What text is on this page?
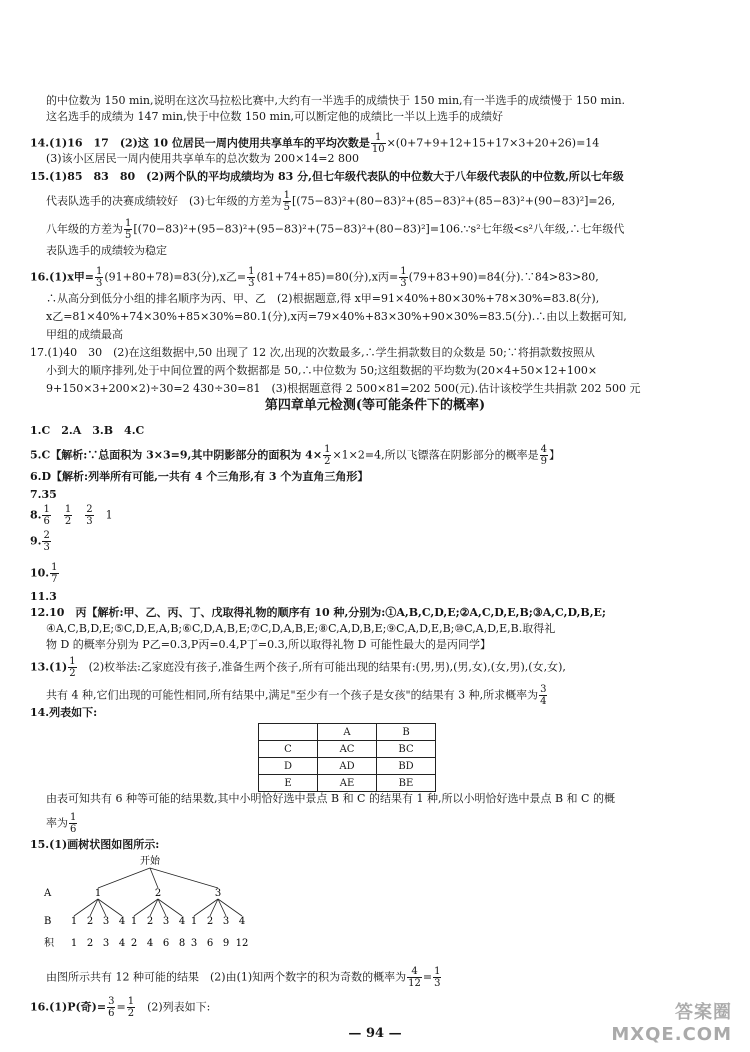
的中位数为 150 min,说明在这次马拉松比赛中,大约有一半选手的成绩快于 150 min,有一半选手的成绩慢于 150 min.
这名选手的成绩为 147 min,快于中位数 150 min,可以断定他的成绩比一半以上选手的成绩好
14.(1)16　17　(2)这 10 位居民一周内使用共享单车的平均次数是 $\frac{1}{10} \times(0+7+9+12+15+17\times 3+20+26)=14$
(3)该小区居民一周内使用共享单车的总次数为 200×14=2 800
15.(1)85　83　80　(2)两个队的平均成绩均为 83 分,但七年级代表队的中位数大于八年级代表队的中位数,所以七年级
代表队选手的决赛成绩较好　 (3)七年级的方差为 $\frac{1}{5} [(75-83)^2+(80-83)^2+(85-83)^2+(85-83)^2+(90-83)^2]=26$,
八年级的方差为 $\frac{1}{5}$ [(70−83)²+(95−83)²+(95−83)²+(75−83)²+(80−83)²]=106.∵s²七年级<s²八年级,∴七年级代
表队选手的成绩较为稳定
16.(1)x甲= $\frac{1}{3} (91+80+78)=83$(分),x乙= $\frac{1}{3} (81+74+85)=80$(分),x丙= $\frac{1}{3} (79+83+90)=84$(分).∵84>83>80,
∴从高分到低分小组的排名顺序为丙、甲、乙　(2)根据题意,得 x甲=91×40%+80×30%+78×30%=83.8(分),
x乙=81×40%+74×30%+85×30%=80.1(分),x丙=79×40%+83×30%+90×30%=83.5(分).∴由以上数据可知,
甲组的成绩最高
17.(1)40　30　(2)在这组数据中,50 出现了 12 次,出现的次数最多,∴学生捐款数目的众数是 50;∵将捐款数按照从
小到大的顺序排列,处于中间位置的两个数据都是 50,∴中位数为 50;这组数据的平均数为(20×4+50×12+100×
9+150×3+200×2)÷30=2 430÷30=81　(3)根据题意得 2 500×81=202 500(元).估计该校学生共捐款 202 500 元
第四章单元检测(等可能条件下的概率)
1.C　2.A　3.B　4.C
5.C【解析:∵总面积为 3×3=9,其中阴影部分的面积为 $4\times \frac{1}{2} \times 1\times 2=4$,所以飞镖落在阴影部分的概率是 $\frac{4}{9}$ 】
6.D【解析:列举所有可能,一共有 4 个三角形,有 3 个为直角三角形】
7.35
8. $\frac{1}{6}$
　 $\frac{1}{2}$
　 $\frac{2}{3}$
　 1
9. $\frac{2}{3}$
10. $\frac{1}{7}$
11.3
12.10　丙【解析:甲、乙、丙、丁、戊取得礼物的顺序有 10 种,分别为:①A,B,C,D,E;②A,C,D,E,B;③A,C,D,B,E;
④A,C,B,D,E;⑤C,D,E,A,B;⑥C,D,A,B,E;⑦C,D,A,B,E;⑧C,A,D,B,E;⑨C,A,D,E,B;⑩C,A,D,E,B.取得礼
物 D 的概率分别为 P乙=0.3,P丙=0.4,P丁=0.3,所以取得礼物 D 可能性最大的是丙同学】
$13.(1) \frac{1}{2}$ 　(2)枚举法:乙家庭没有孩子,准备生两个孩子,所有可能出现的结果有:(男,男),(男,女),(女,男),(女,女),
共有 4 种,它们出现的可能性相同,所有结果中,满足"至少有一个孩子是女孩"的结果有 3 种,所求概率为 $\frac{3}{4}$
14.列表如下:
	A	B
C	AC	BC
D	AD	BD
E	AE	BE
由表可知共有 6 种等可能的结果数,其中小明恰好选中景点 B 和 C 的结果有 1 种,所以小明恰好选中景点 B 和 C 的概
率为 $\frac{1}{6}$
15.(1)画树状图如图所示:
开始
A
B
积
1
1
1
2
2
3
3
4
4
2
1
2
2
4
3
6
4
8
3
1
3
2
6
3
9
4
12
由图所示共有 12 种可能的结果　(2)由(1)知两个数字的积为奇数的概率为 $\frac{4}{12} = \frac{1}{3}$
16.(1)P(奇)= $\frac{3}{6} = \frac{1}{2}$ 　(2)列表如下:
— 94 —
答案圈
MXQE.COM
